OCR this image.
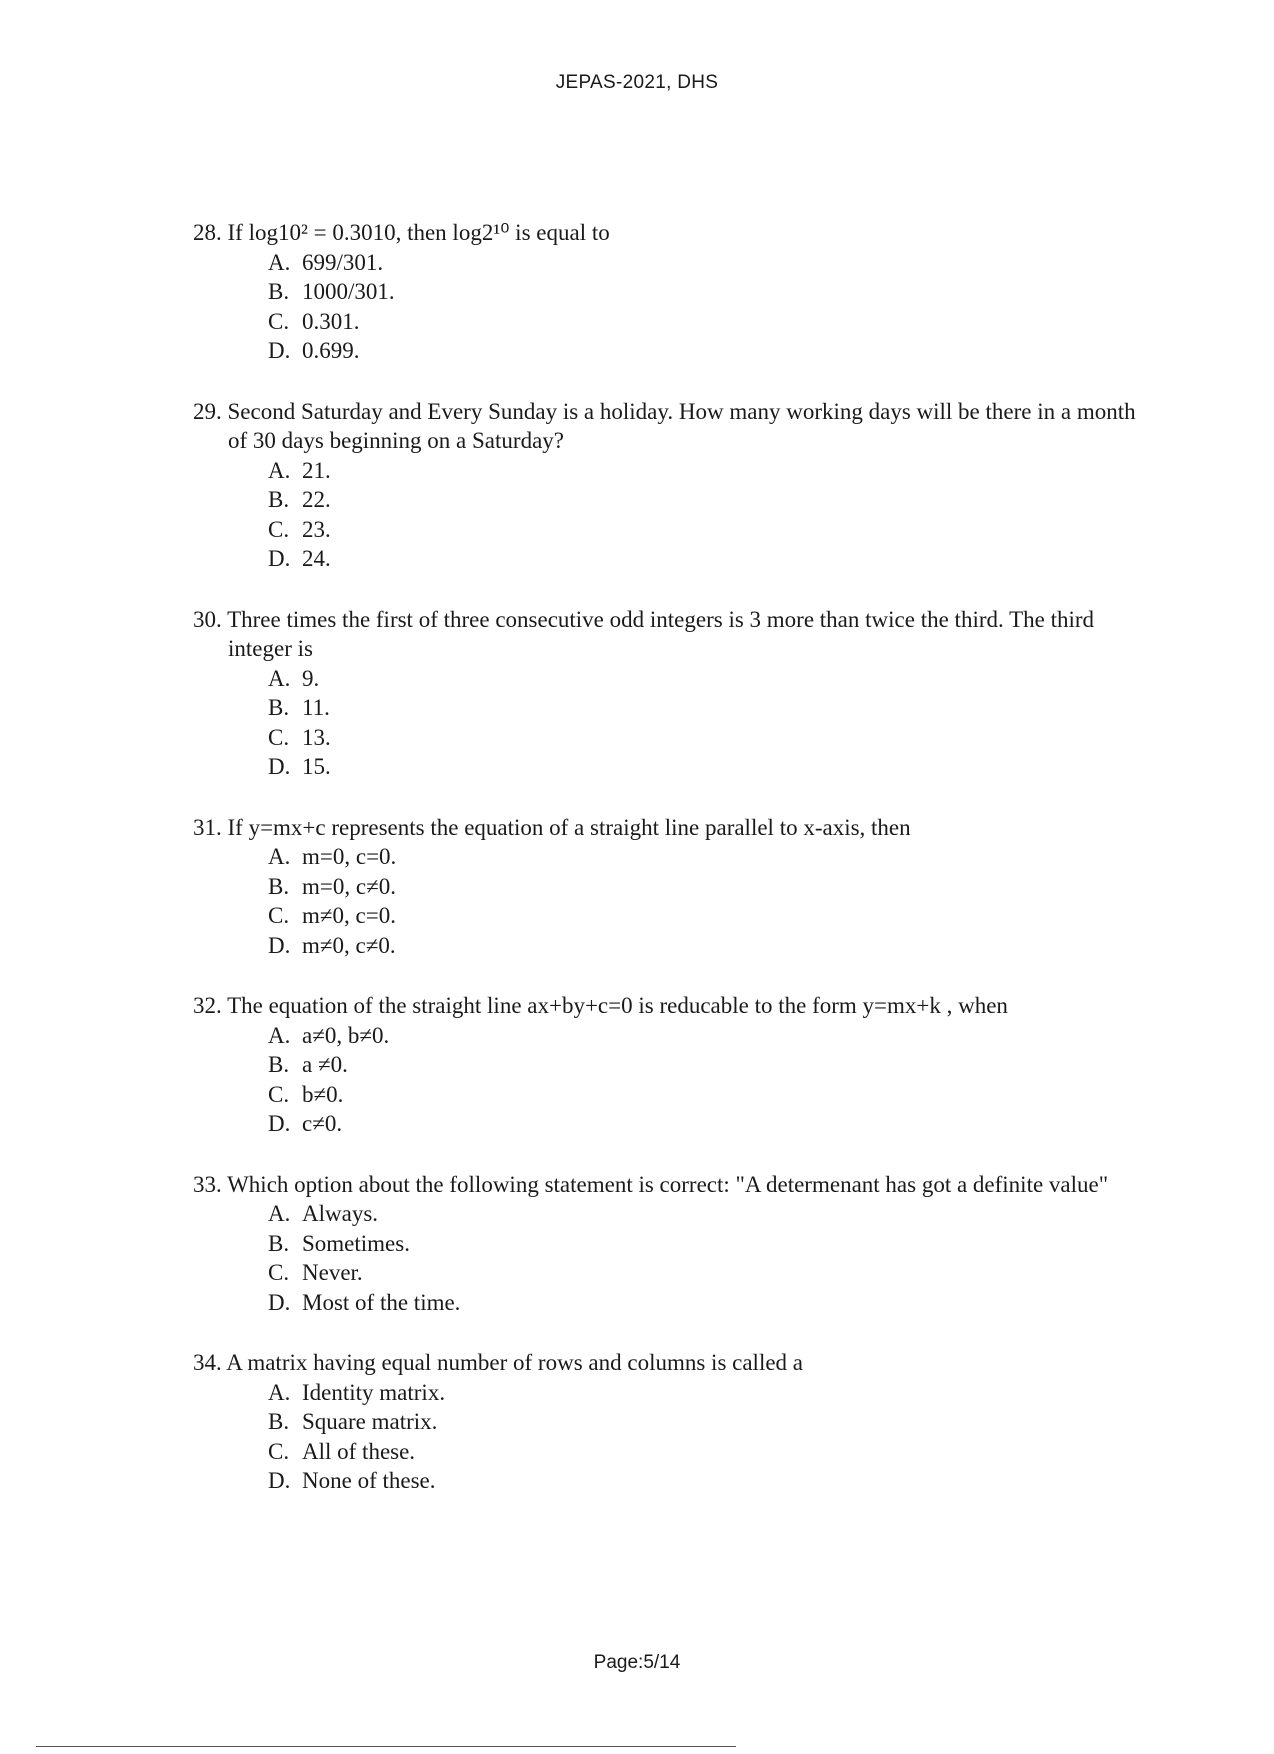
JEPAS-2021, DHS
28. If log10² = 0.3010, then log2¹⁰ is equal to
A. 699/301.
B. 1000/301.
C. 0.301.
D. 0.699.
29. Second Saturday and Every Sunday is a holiday. How many working days will be there in a month of 30 days beginning on a Saturday?
A. 21.
B. 22.
C. 23.
D. 24.
30. Three times the first of three consecutive odd integers is 3 more than twice the third. The third integer is
A. 9.
B. 11.
C. 13.
D. 15.
31. If y=mx+c represents the equation of a straight line parallel to x-axis, then
A. m=0, c=0.
B. m=0, c≠0.
C. m≠0, c=0.
D. m≠0, c≠0.
32. The equation of the straight line ax+by+c=0 is reducable to the form y=mx+k , when
A. a≠0, b≠0.
B. a ≠0.
C. b≠0.
D. c≠0.
33. Which option about the following statement is correct: "A determenant has got a definite value"
A. Always.
B. Sometimes.
C. Never.
D. Most of the time.
34. A matrix having equal number of rows and columns is called a
A. Identity matrix.
B. Square matrix.
C. All of these.
D. None of these.
Page:5/14
